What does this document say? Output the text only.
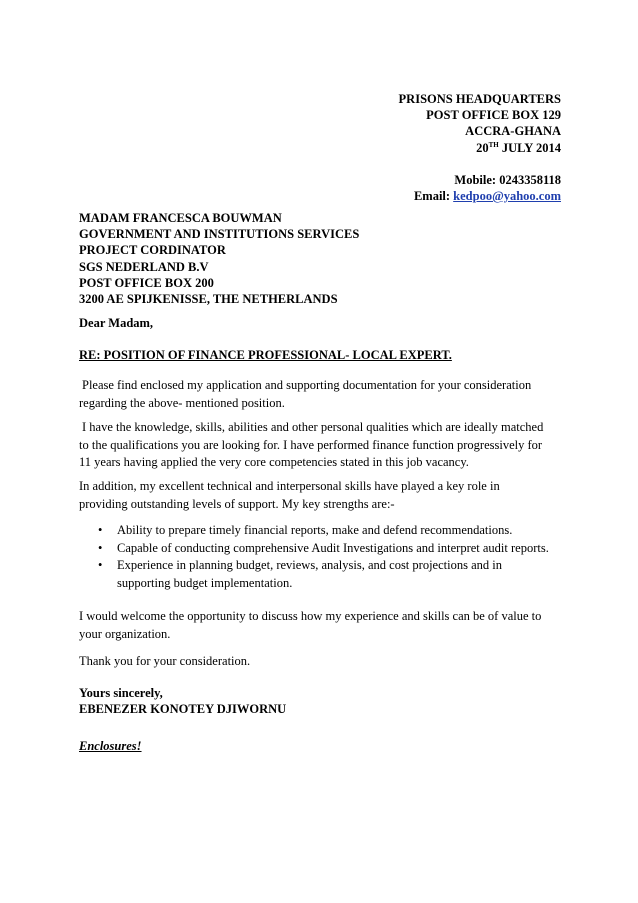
PRISONS HEADQUARTERS
POST OFFICE BOX 129
ACCRA-GHANA
20TH JULY 2014
Mobile: 0243358118
Email: kedpoo@yahoo.com
MADAM FRANCESCA BOUWMAN
GOVERNMENT AND INSTITUTIONS SERVICES
PROJECT CORDINATOR
SGS NEDERLAND B.V
POST OFFICE BOX 200
3200 AE SPIJKENISSE, THE NETHERLANDS

Dear Madam,

RE: POSITION OF FINANCE PROFESSIONAL- LOCAL EXPERT.

Please find enclosed my application and supporting documentation for your consideration
regarding the above- mentioned position.
I have the knowledge, skills, abilities and other personal qualities which are ideally matched
to the qualifications you are looking for. I have performed finance function progressively for
11 years having applied the very core competencies stated in this job vacancy.
In addition, my excellent technical and interpersonal skills have played a key role in
providing outstanding levels of support. My key strengths are:-
• Ability to prepare timely financial reports, make and defend recommendations.
• Capable of conducting comprehensive Audit Investigations and interpret audit reports.
• Experience in planning budget, reviews, analysis, and cost projections and in supporting budget implementation.
I would welcome the opportunity to discuss how my experience and skills can be of value to
your organization.

Thank you for your consideration.

Yours sincerely,
EBENEZER KONOTEY DJIWORNU

Enclosures!
